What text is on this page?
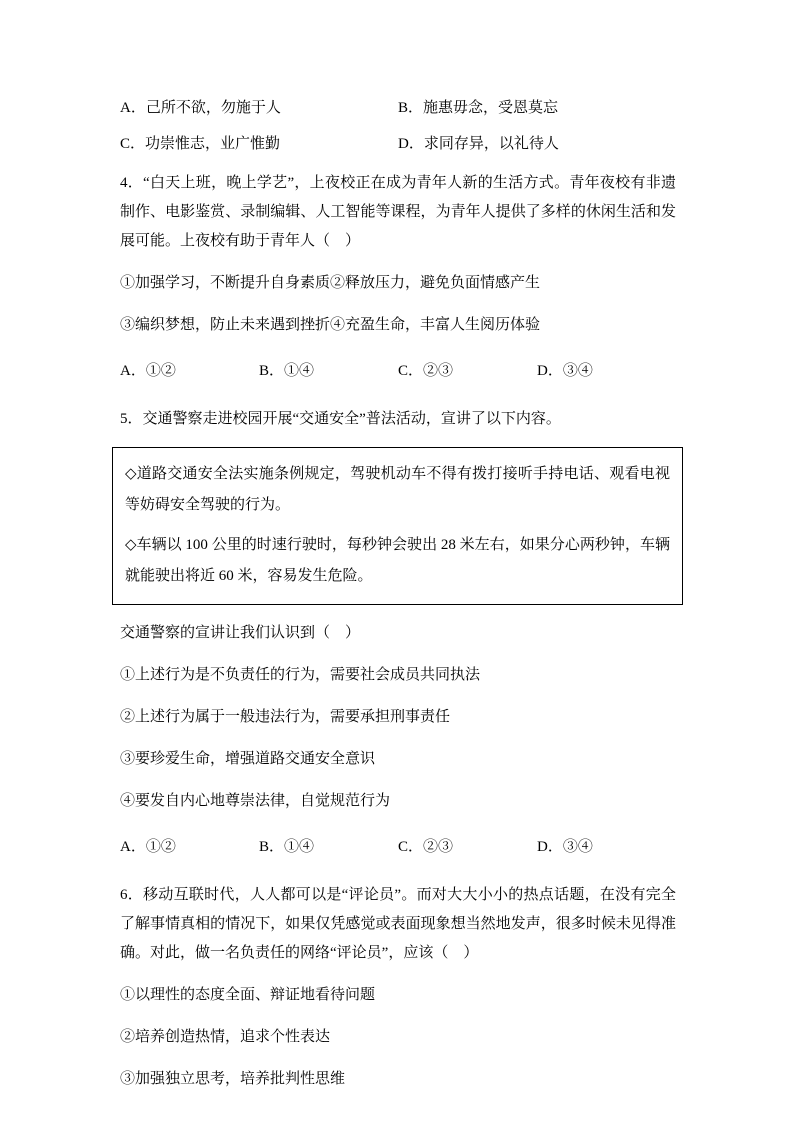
A．己所不欲，勿施于人	B．施惠毋念，受恩莫忘
C．功崇惟志，业广惟勤	D．求同存异，以礼待人

4．“白天上班，晚上学艺”，上夜校正在成为青年人新的生活方式。青年夜校有非遗制作、电影鉴赏、录制编辑、人工智能等课程，为青年人提供了多样的休闲生活和发展可能。上夜校有助于青年人（　）

①加强学习，不断提升自身素质②释放压力，避免负面情感产生

③编织梦想，防止未来遇到挫折④充盈生命，丰富人生阅历体验

A．①②	B．①④	C．②③	D．③④

5．交通警察走进校园开展“交通安全”普法活动，宣讲了以下内容。

◇道路交通安全法实施条例规定，驾驶机动车不得有拨打接听手持电话、观看电视等妨碍安全驾驶的行为。

◇车辆以 100 公里的时速行驶时，每秒钟会驶出 28 米左右，如果分心两秒钟，车辆就能驶出将近 60 米，容易发生危险。

交通警察的宣讲让我们认识到（　）

①上述行为是不负责任的行为，需要社会成员共同执法

②上述行为属于一般违法行为，需要承担刑事责任

③要珍爱生命，增强道路交通安全意识

④要发自内心地尊崇法律，自觉规范行为

A．①②	B．①④	C．②③	D．③④

6．移动互联时代，人人都可以是“评论员”。而对大大小小的热点话题，在没有完全了解事情真相的情况下，如果仅凭感觉或表面现象想当然地发声，很多时候未见得准确。对此，做一名负责任的网络“评论员”，应该（　）

①以理性的态度全面、辩证地看待问题

②培养创造热情，追求个性表达

③加强独立思考，培养批判性思维
